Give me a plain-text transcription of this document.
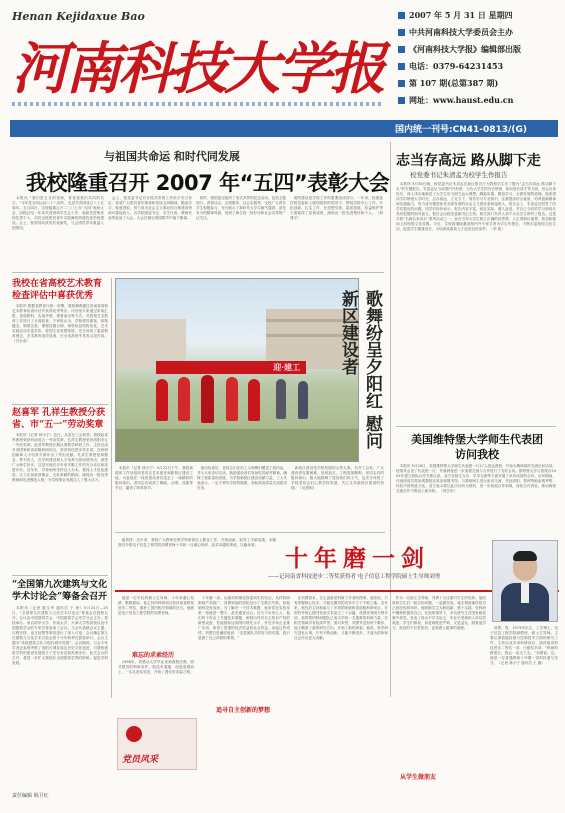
Henan Kejidaxue Bao
河南科技大学报
2007 年 5 月 31 日 星期四
中共河南科技大学委员会主办
《河南科技大学报》编辑部出版
电话：0379-64231453
第 107 期(总第387 期)
网址：www.haust.edu.cn
国内统一刊号:CN41-0813/(G)
与祖国共命运 和时代同发展
我校隆重召开 2007 年“五四”表彰大会
　本报讯 “我们是五月的花海，青春是我们共同的名字。”今年是五四运动八十八周年，也是共青团成立八十五周年。五月四日，学校隆重召开二〇〇七年“五四”表彰大会，回顾总结一年来共青团和学生会工作，表彰先进集体和先进个人，动员全校团员青年以饱满的热情投身学校建设。会上，校领导向获奖代表颁奖，与会团员青年重温入团誓词。
　会上，校党委书记对全校共青团工作给予充分肯定，希望广大团员青年继承和发扬五四精神，勤奋学习，锐意进取，努力成为社会主义事业的合格建设者和可靠接班人。各学院团委书记、学生代表、教师代表等参加了大会。大会在雄壮的国歌声中落下帷幕。
　同时，校团委还组织了形式多样的纪念活动，包括主题团日、青春诗会、志愿服务、社会实践等，全校广大青年学生积极参与，充分展示了新时代大学生朝气蓬勃、奋发有为的精神风貌，受到了师生的一致好评和社会各界的广泛关注。
　团的建设是学校工作的重要组成部分。一年来，校团委在校党委和上级团组织的领导下，围绕学校中心工作，开拓创新，扎实工作，在思想引领、素质拓展、权益维护等方面取得了显著成绩，涌现出一批先进集体和个人。（何建平）
我校在省高校艺术教育检查评估中喜获优秀
　本报讯 根据省教育厅统一部署，我校顺利通过河南省高校艺术教育检查评估并获得优秀等次。评估组专家通过听取汇报、查阅资料、实地考察、观看演出等方式，对我校艺术教育工作进行了全面检查。专家组认为，学校领导重视，机构健全，制度完善，课程设置合理，师资队伍结构优化，艺术实践活动丰富多彩，校园文化氛围浓厚，充分体现了素质教育理念，艺术教育成效显著，在全省高校中具有示范作用。（吕永成）
赵喜军 孔祥生教授分获省、市“五一”劳动奖章
　本报讯（记者 林小宁）近日，从省总工会获悉，我校赵喜军教授荣获河南省五一劳动奖章，孔祥生教授荣获洛阳市五一劳动奖章。赵喜军教授长期从事教学科研工作，主持完成多项国家和省部级科研项目，获省科技进步奖多项，在科研创新和人才培养方面作出了突出贡献。孔祥生教授爱岗敬业，教书育人，在学科建设和人才培养方面成绩突出，深受广大师生好评。这是对他们多年来辛勤工作的充分肯定和高度评价。近年来，学校始终坚持以人为本，重视人才队伍建设，大力弘扬爱岗敬业、无私奉献的精神，涌现出一批优秀教师和先进模范人物，为学校事业发展注入了强大动力。
“全国第九次建筑与文化学术讨论会”筹备会召开
　本报讯（记者 陈玉华 通讯员 于 珍）5月24日—25日，“全国第九次建筑与文化学术讨论会”筹备会在我校召开。会议由中国建筑学会、中国建筑学会史学分会主办，我校承办。来自清华大学、东南大学、天津大学等高校以及中国建筑学会的专家学者参加了会议。与会代表就会议主题、议程安排、论文征集等事项进行了深入讨论。会议确定第九次建筑与文化学术讨论会将于今年秋季在我校举行，会议主题为“传统建筑文化与现代城市发展”。会议期间，与会专家学者还参观考察了洛阳古城及周边历史文化遗迹，对我校建筑学科的建设发展给予了充分肯定和高度评价。此次会议的召开，将进一步扩大我校在全国建筑学界的影响，促进学科发展。
责任编辑 韩卫红
迎·建工	歌舞纷呈夕阳红 慰问新区建设者
　本报讯（记者 林小宁）5月22日下午，我校离退休工作处组织老同志艺术团来到新校区建设工地，为奋战在一线的建设者们送去了一场精彩的慰问演出。老同志们表演了舞蹈、合唱、戏曲等节目，赢得了阵阵掌声。
　演出结束后，老同志们还向工人师傅们赠送了慰问品，并与大家亲切交谈，勉励建设者们发扬吃苦耐劳精神，确保工程质量和进度，为学校新校区建设贡献力量。工人代表表示，一定不辜负学校的期望，高标准高质量完成建设任务。
　新校区建设是学校发展的头等大事。自开工以来，广大建设者克服困难，加班加点，工程进展顺利。老同志们的慰问演出，极大地鼓舞了建设者们的士气，也充分体现了学校老同志们心系学校发展、关心支持新校区建设的热情。（吴建明）
志当存高远 路从脚下走
校党委书记朱清孟为校学生作报告
　本报讯 5月30日晚，校党委书记朱清孟在新区报告厅为我校学生作了题为“志当存高远 路从脚下走”的专题报告。朱清孟从当前国内外形势、当代大学生的历史使命、如何成长成才等方面，结合自身经历，深入浅出地阐述了大学生应当树立远大理想、脚踏实地、勤奋学习、全面发展的道理。他希望同学们珍惜大学时光，志存高远，立足当下，刻苦学习专业知识，注重提高综合素质，培养创新精神和实践能力，努力成为德智体美全面发展的社会主义建设者和接班人。报告会上，朱清孟还回答了同学们提出的问题。同学们纷纷表示，报告内容丰富，贴近实际，催人奋进，对自己今后的学习和成长具有很强的指导意义。报告会由校党委副书记主持，相关部门负责人和千余名学生聆听了报告。这是学校“名师名家讲坛”系列活动之一，旨在引导大学生树立正确的世界观、人生观和价值观，营造积极向上的校园文化氛围。今后，学校将继续邀请校内外专家学者为学生作报告，不断丰富校园文化生活，促进学生健康成长，为培养高素质人才创造良好条件。（李 凯）
美国维特堡大学师生代表团访问我校
　本报讯 5月26日，美国维特堡大学师生代表团一行17人抵达我校，开始为期两周的交流访问活动。校领导会见了代表团一行，并就两校进一步加强交流与合作进行了友好会谈。维特堡大学与我校自2005年建立校际合作关系以来，双方在师生互访、学术交流等方面开展了卓有成效的合作。访问期间，代表团成员将参观我校实验室和图书馆，与我校师生进行座谈交流，并赴洛阳、郑州等地参观考察，体验中国传统文化。双方表示将以此次访问为契机，进一步拓展合作领域，深化合作内容，推动两校交流合作不断迈上新台阶。（何学东）
　编者按：近年来，我校广大教师在教学科研岗位上勤奋工作，开拓创新，取得了丰硕成果。本期我们介绍电子信息工程学院刘勇老师十年如一日潜心科研、追求卓越的事迹，以飨读者。
十年磨一剑
——记河南省科技进步二等奖获得者 电子信息工程学院硕士生导师刘勇
　他是一位年轻的硕士生导师，十年来潜心钻研，默默耕耘；他主持的科研项目获河南省科技进步二等奖，填补了国内相关领域的空白。他就是电子信息工程学院的刘勇老师。
难忘的求索经历
　1996年，刘勇从大学毕业来到我校任教。面对艰苦的科研条件，他没有退缩，而是迎难而上，一头扎进实验室，开始了漫长的求索之路。
党员风采
　十年磨一剑。从最初的理论探索到实验验证，从样机研制到产品推广，刘勇和他的团队经历了无数次失败，但他始终没有放弃。为了解决一个技术难题，他常常在实验室里一待就是一整天，甚至通宵达旦。功夫不负有心人，他们终于攻克了关键技术难题，研制出具有自主知识产权的新型设备，性能指标达到国内领先水平，并在多家企业推广应用，取得了显著的经济效益和社会效益。谈起这些成绩，刘勇总是谦虚地说：“这是团队共同努力的结果，我只是做了自己该做的事情。”
追寻自主创新的梦想
　在刘勇看来，自主创新是科研工作者的使命。他常说，只有掌握核心技术，才能在激烈的竞争中立于不败之地。近年来，他先后主持和参与了多项国家级和省部级科研项目，在国内外核心期刊发表学术论文三十余篇，获国家发明专利多项。他带领的科研团队已成为学校一支重要的科研力量，在相关领域享有较高声誉。面对荣誉，刘勇并没有停下脚步，他又瞄准了新的研究方向，开始了新的探索。他说，科学研究没有止境，只有不断创新，才能不断进步，才能为国家和社会作出更大贡献。
　作为一名硕士生导师，刘勇十分注重对学生的培养。他经常和学生们一起讨论问题，一起做实验，毫无保留地传授自己的经验和知识。他鼓励学生大胆创新，勇于实践，在科研中锻炼和提高自己。在他的指导下，多名研究生在国家级竞赛中获奖，发表了高水平学术论文，毕业后受到用人单位的欢迎。学生们都说，刘老师既是严师，又是益友，跟着他学习，收获的不仅是知识，更是做人做事的道理。
从学生做朋友
　刘勇，男，1973年出生，工学博士，电子信息工程学院副教授，硕士生导师。主要从事智能检测与控制技术方面的研究工作，主持完成多项科研项目，获河南省科技进步二等奖一项，厅级奖多项。“科研的路很长，我会一直走下去。”刘勇说。这，就是一位普通教师十年磨一剑的执着与坚守。（记者 林小宁 通讯员 王 鑫）
